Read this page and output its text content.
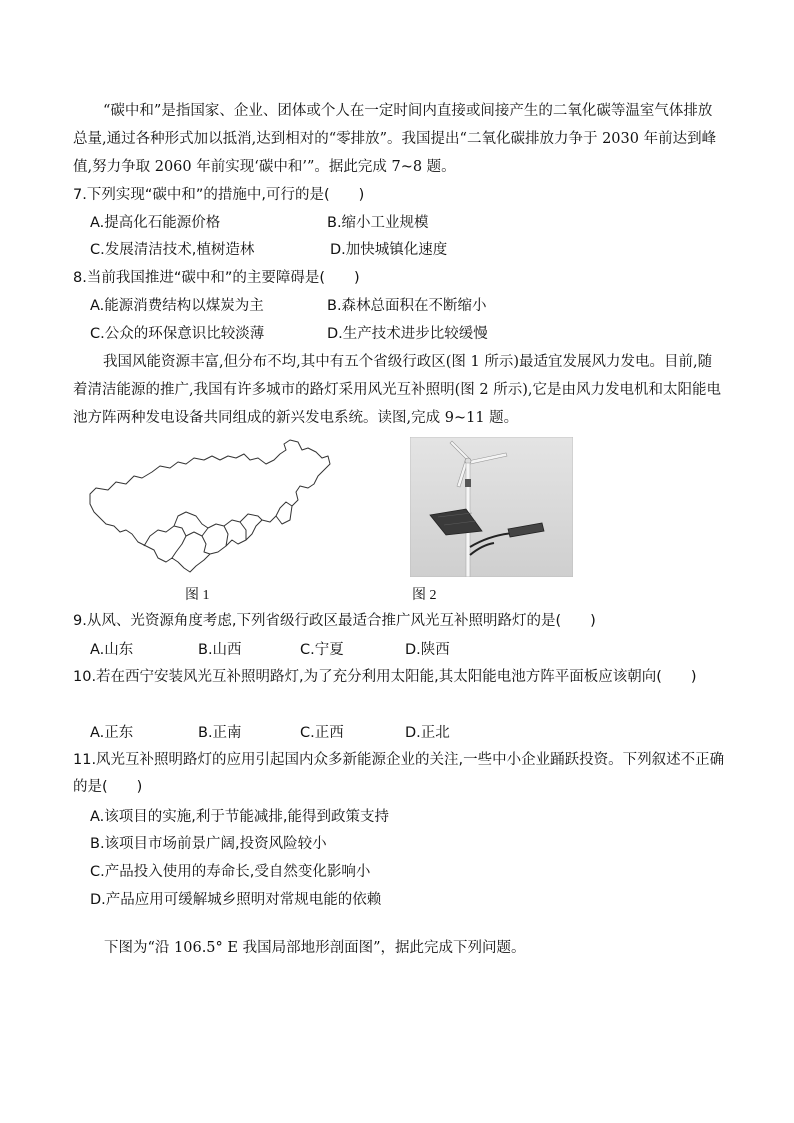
“碳中和”是指国家、企业、团体或个人在一定时间内直接或间接产生的二氧化碳等温室气体排放总量,通过各种形式加以抵消,达到相对的“零排放”。我国提出“二氧化碳排放力争于 2030 年前达到峰值,努力争取 2060 年前实现‘碳中和’”。据此完成 7~8 题。
7.下列实现“碳中和”的措施中,可行的是(　　)
A.提高化石能源价格	B.缩小工业规模
C.发展清洁技术,植树造林	D.加快城镇化速度
8.当前我国推进“碳中和”的主要障碍是(　　)
A.能源消费结构以煤炭为主	B.森林总面积在不断缩小
C.公众的环保意识比较淡薄	D.生产技术进步比较缓慢
我国风能资源丰富,但分布不均,其中有五个省级行政区(图 1 所示)最适宜发展风力发电。目前,随着清洁能源的推广,我国有许多城市的路灯采用风光互补照明(图 2 所示),它是由风力发电机和太阳能电池方阵两种发电设备共同组成的新兴发电系统。读图,完成 9~11 题。
图 1	图 2
9.从风、光资源角度考虑,下列省级行政区最适合推广风光互补照明路灯的是(　　)
A.山东	B.山西	C.宁夏	D.陕西
10.若在西宁安装风光互补照明路灯,为了充分利用太阳能,其太阳能电池方阵平面板应该朝向(　　)
A.正东	B.正南	C.正西	D.正北
11.风光互补照明路灯的应用引起国内众多新能源企业的关注,一些中小企业踊跃投资。下列叙述不正确的是(　　)
A.该项目的实施,利于节能减排,能得到政策支持
B.该项目市场前景广阔,投资风险较小
C.产品投入使用的寿命长,受自然变化影响小
D.产品应用可缓解城乡照明对常规电能的依赖
下图为“沿 106.5° E 我国局部地形剖面图”，据此完成下列问题。
